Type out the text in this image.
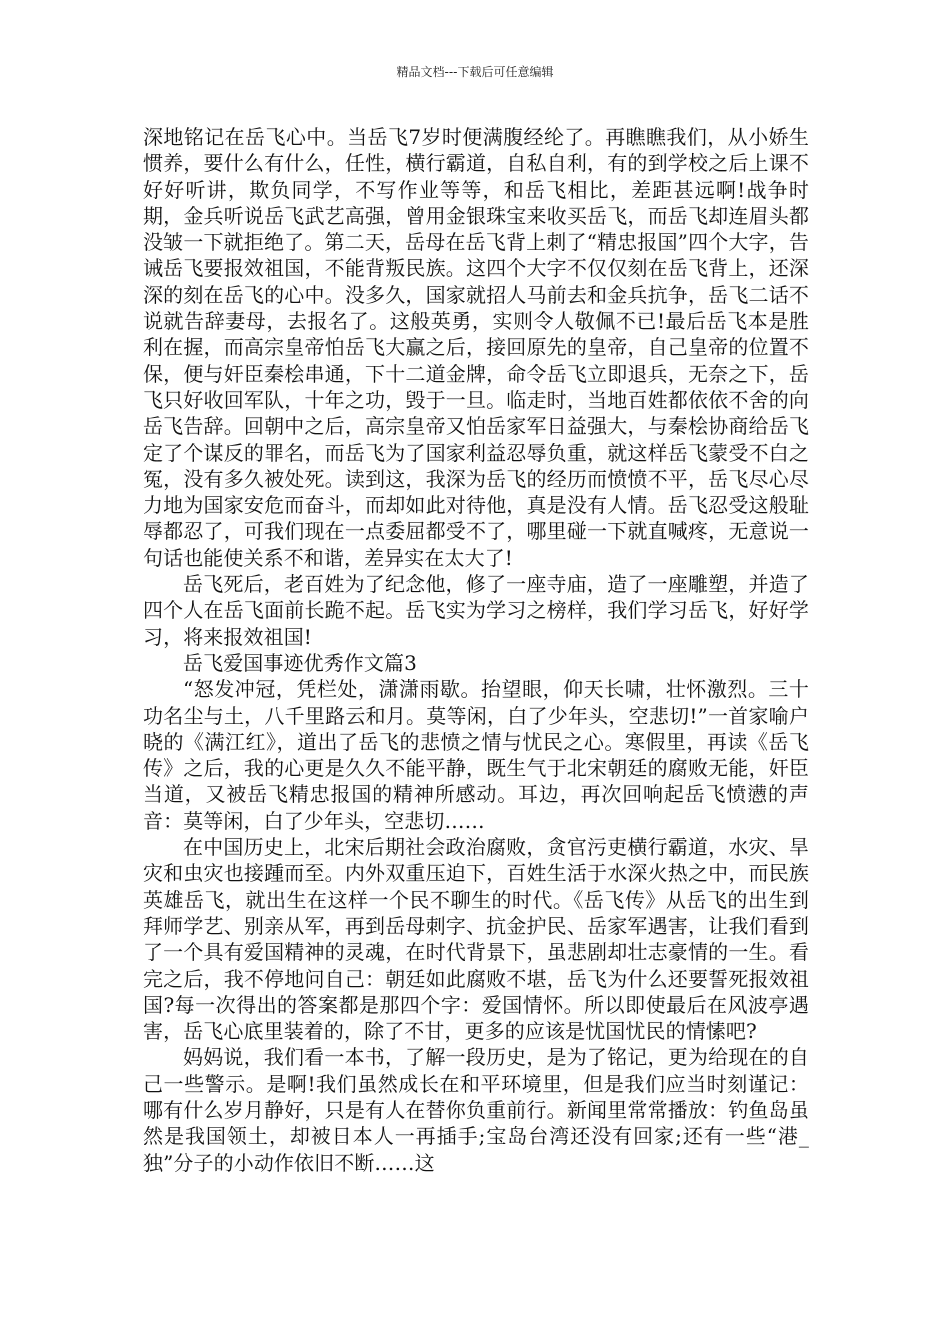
精品文档---下载后可任意编辑

深地铭记在岳飞心中。当岳飞7岁时便满腹经纶了。再瞧瞧我们，从小娇生惯养，要什么有什么，任性，横行霸道，自私自利，有的到学校之后上课不好好听讲，欺负同学，不写作业等等，和岳飞相比，差距甚远啊!战争时期，金兵听说岳飞武艺高强，曾用金银珠宝来收买岳飞，而岳飞却连眉头都没皱一下就拒绝了。第二天，岳母在岳飞背上刺了“精忠报国”四个大字，告诫岳飞要报效祖国，不能背叛民族。这四个大字不仅仅刻在岳飞背上，还深深的刻在岳飞的心中。没多久，国家就招人马前去和金兵抗争，岳飞二话不说就告辞妻母，去报名了。这般英勇，实则令人敬佩不已!最后岳飞本是胜利在握，而高宗皇帝怕岳飞大赢之后，接回原先的皇帝，自己皇帝的位置不保，便与奸臣秦桧串通，下十二道金牌，命令岳飞立即退兵，无奈之下，岳飞只好收回军队，十年之功，毁于一旦。临走时，当地百姓都依依不舍的向岳飞告辞。回朝中之后，高宗皇帝又怕岳家军日益强大，与秦桧协商给岳飞定了个谋反的罪名，而岳飞为了国家利益忍辱负重，就这样岳飞蒙受不白之冤，没有多久被处死。读到这，我深为岳飞的经历而愤愤不平，岳飞尽心尽力地为国家安危而奋斗，而却如此对待他，真是没有人情。岳飞忍受这般耻辱都忍了，可我们现在一点委屈都受不了，哪里碰一下就直喊疼，无意说一句话也能使关系不和谐，差异实在太大了!

岳飞死后，老百姓为了纪念他，修了一座寺庙，造了一座雕塑，并造了四个人在岳飞面前长跪不起。岳飞实为学习之榜样，我们学习岳飞，好好学习，将来报效祖国!

岳飞爱国事迹优秀作文篇3

“怒发冲冠，凭栏处，潇潇雨歇。抬望眼，仰天长啸，壮怀激烈。三十功名尘与土，八千里路云和月。莫等闲，白了少年头，空悲切!”一首家喻户晓的《满江红》，道出了岳飞的悲愤之情与忧民之心。寒假里，再读《岳飞传》之后，我的心更是久久不能平静，既生气于北宋朝廷的腐败无能，奸臣当道，又被岳飞精忠报国的精神所感动。耳边，再次回响起岳飞愤懑的声音：莫等闲，白了少年头，空悲切……

在中国历史上，北宋后期社会政治腐败，贪官污吏横行霸道，水灾、旱灾和虫灾也接踵而至。内外双重压迫下，百姓生活于水深火热之中，而民族英雄岳飞，就出生在这样一个民不聊生的时代。《岳飞传》从岳飞的出生到拜师学艺、别亲从军，再到岳母刺字、抗金护民、岳家军遇害，让我们看到了一个具有爱国精神的灵魂，在时代背景下，虽悲剧却壮志豪情的一生。看完之后，我不停地问自己：朝廷如此腐败不堪，岳飞为什么还要誓死报效祖国?每一次得出的答案都是那四个字：爱国情怀。所以即使最后在风波亭遇害，岳飞心底里装着的，除了不甘，更多的应该是忧国忧民的情愫吧?

妈妈说，我们看一本书，了解一段历史，是为了铭记，更为给现在的自己一些警示。是啊!我们虽然成长在和平环境里，但是我们应当时刻谨记：哪有什么岁月静好，只是有人在替你负重前行。新闻里常常播放：钓鱼岛虽然是我国领土，却被日本人一再插手;宝岛台湾还没有回家;还有一些“港_独”分子的小动作依旧不断……这
